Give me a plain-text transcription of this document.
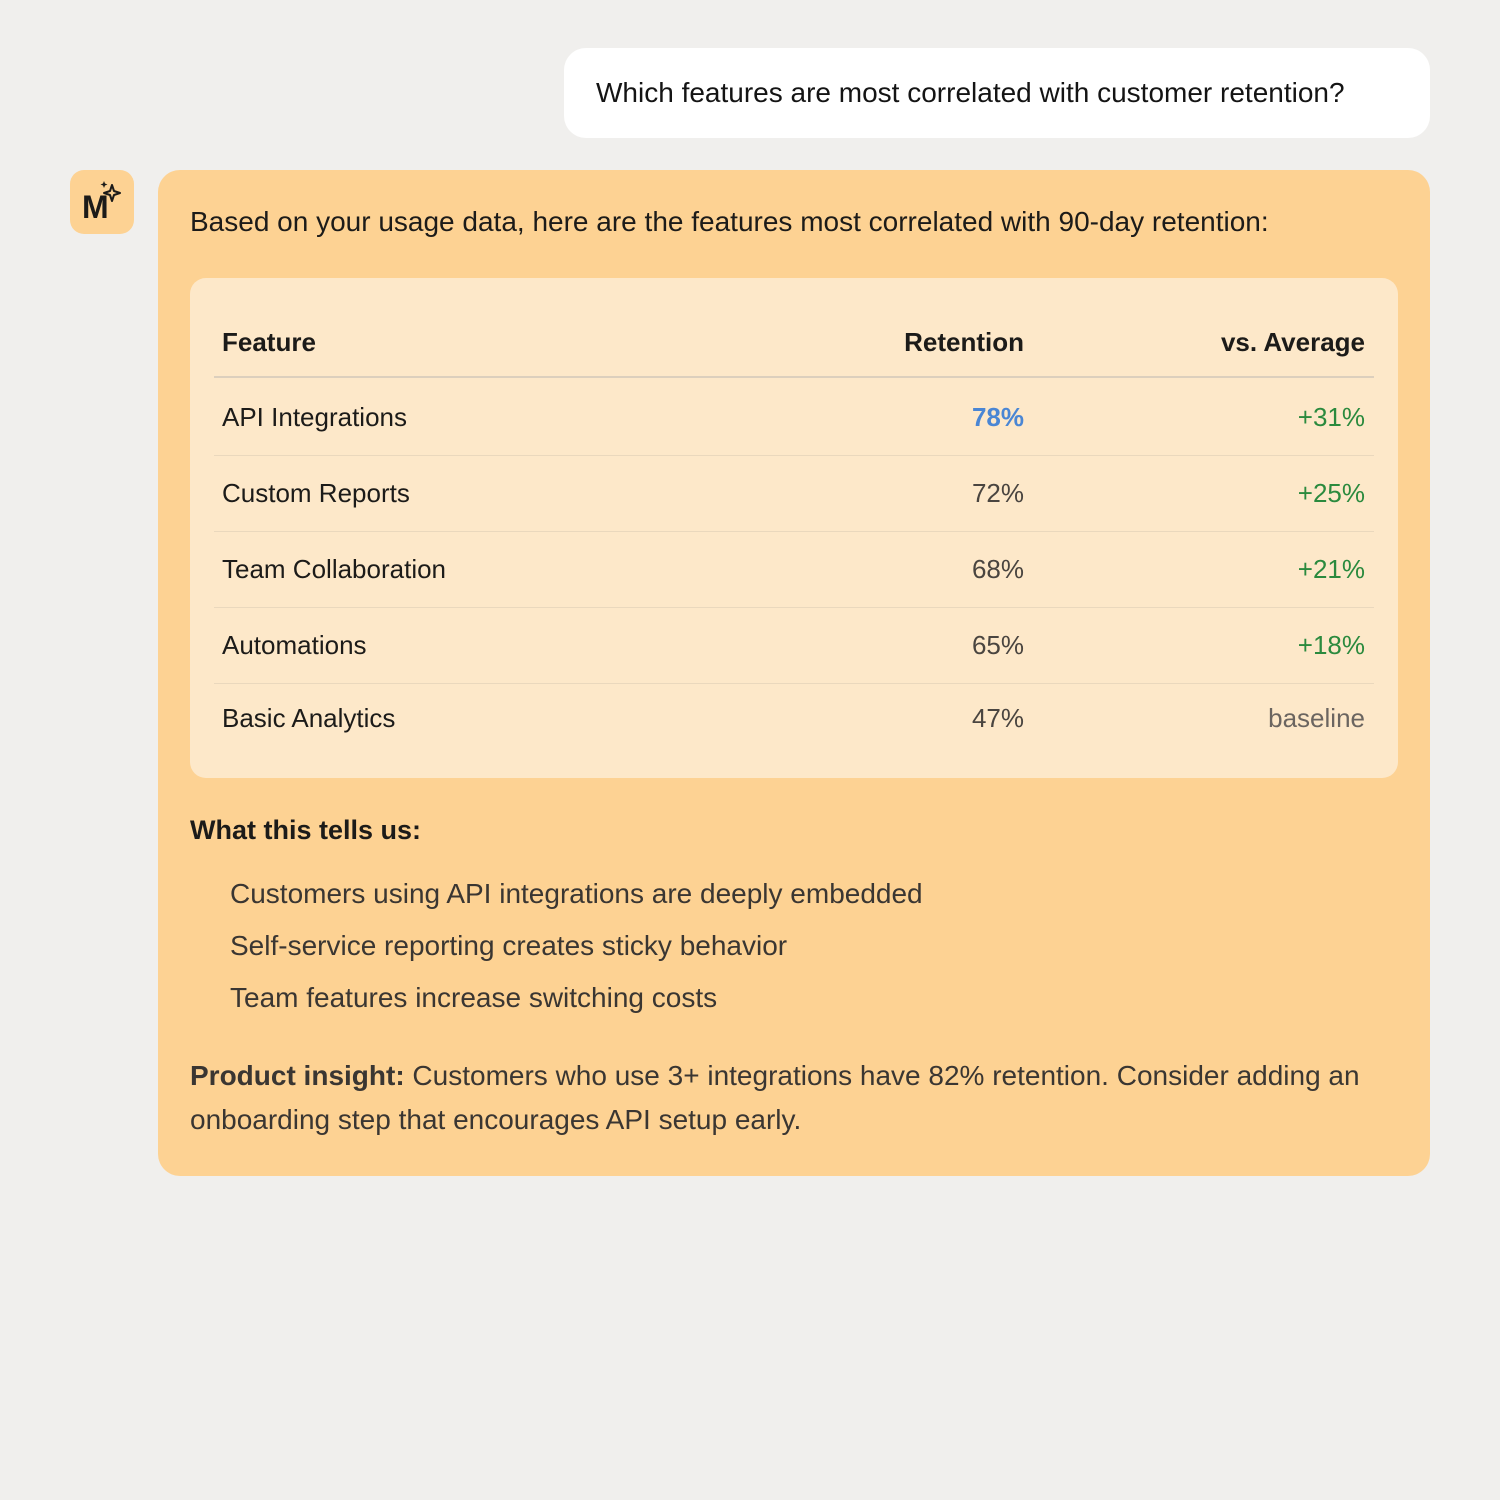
Which features are most correlated with customer retention?
M	Based on your usage data, here are the features most correlated with 90-day retention:
Feature	Retention	vs. Average
API Integrations	78%	+31%
Custom Reports	72%	+25%
Team Collaboration	68%	+21%
Automations	65%	+18%
Basic Analytics	47%	baseline
What this tells us:
Customers using API integrations are deeply embedded
Self-service reporting creates sticky behavior
Team features increase switching costs

Product insight: Customers who use 3+ integrations have 82% retention. Consider adding an onboarding step that encourages API setup early.
